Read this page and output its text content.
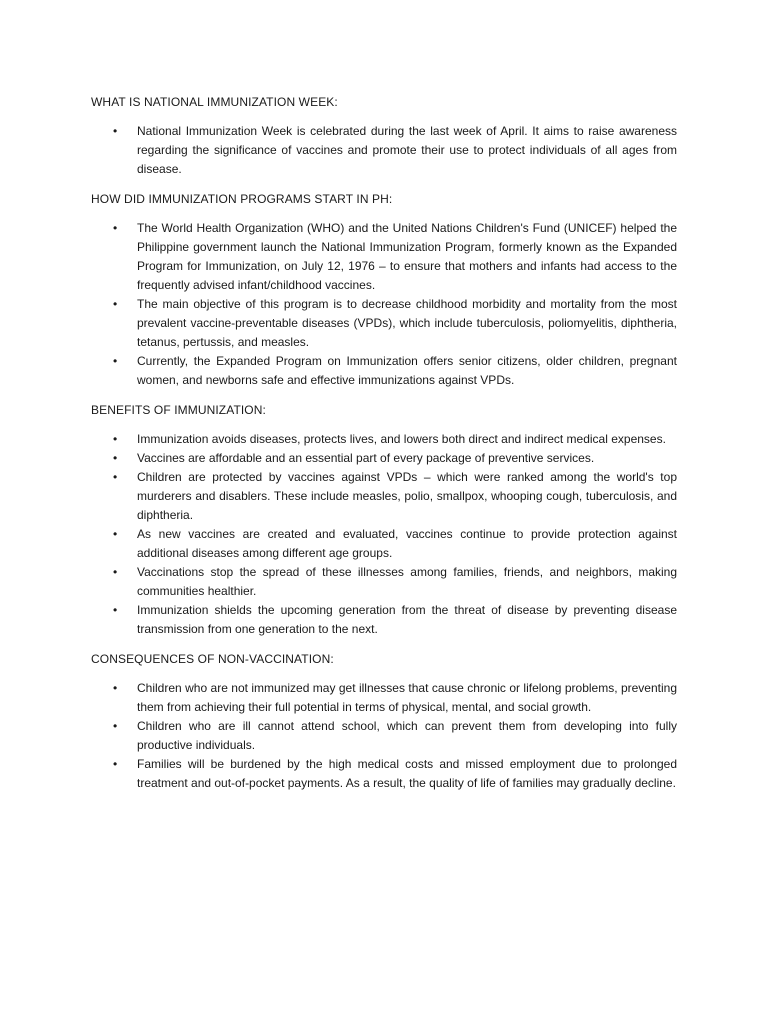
WHAT IS NATIONAL IMMUNIZATION WEEK:
• National Immunization Week is celebrated during the last week of April. It aims to raise awareness regarding the significance of vaccines and promote their use to protect individuals of all ages from disease.
HOW DID IMMUNIZATION PROGRAMS START IN PH:
• The World Health Organization (WHO) and the United Nations Children's Fund (UNICEF) helped the Philippine government launch the National Immunization Program, formerly known as the Expanded Program for Immunization, on July 12, 1976 – to ensure that mothers and infants had access to the frequently advised infant/childhood vaccines.
• The main objective of this program is to decrease childhood morbidity and mortality from the most prevalent vaccine-preventable diseases (VPDs), which include tuberculosis, poliomyelitis, diphtheria, tetanus, pertussis, and measles.
• Currently, the Expanded Program on Immunization offers senior citizens, older children, pregnant women, and newborns safe and effective immunizations against VPDs.
BENEFITS OF IMMUNIZATION:
• Immunization avoids diseases, protects lives, and lowers both direct and indirect medical expenses.
• Vaccines are affordable and an essential part of every package of preventive services.
• Children are protected by vaccines against VPDs – which were ranked among the world's top murderers and disablers. These include measles, polio, smallpox, whooping cough, tuberculosis, and diphtheria.
• As new vaccines are created and evaluated, vaccines continue to provide protection against additional diseases among different age groups.
• Vaccinations stop the spread of these illnesses among families, friends, and neighbors, making communities healthier.
• Immunization shields the upcoming generation from the threat of disease by preventing disease transmission from one generation to the next.
CONSEQUENCES OF NON-VACCINATION:
• Children who are not immunized may get illnesses that cause chronic or lifelong problems, preventing them from achieving their full potential in terms of physical, mental, and social growth.
• Children who are ill cannot attend school, which can prevent them from developing into fully productive individuals.
• Families will be burdened by the high medical costs and missed employment due to prolonged treatment and out-of-pocket payments. As a result, the quality of life of families may gradually decline.
